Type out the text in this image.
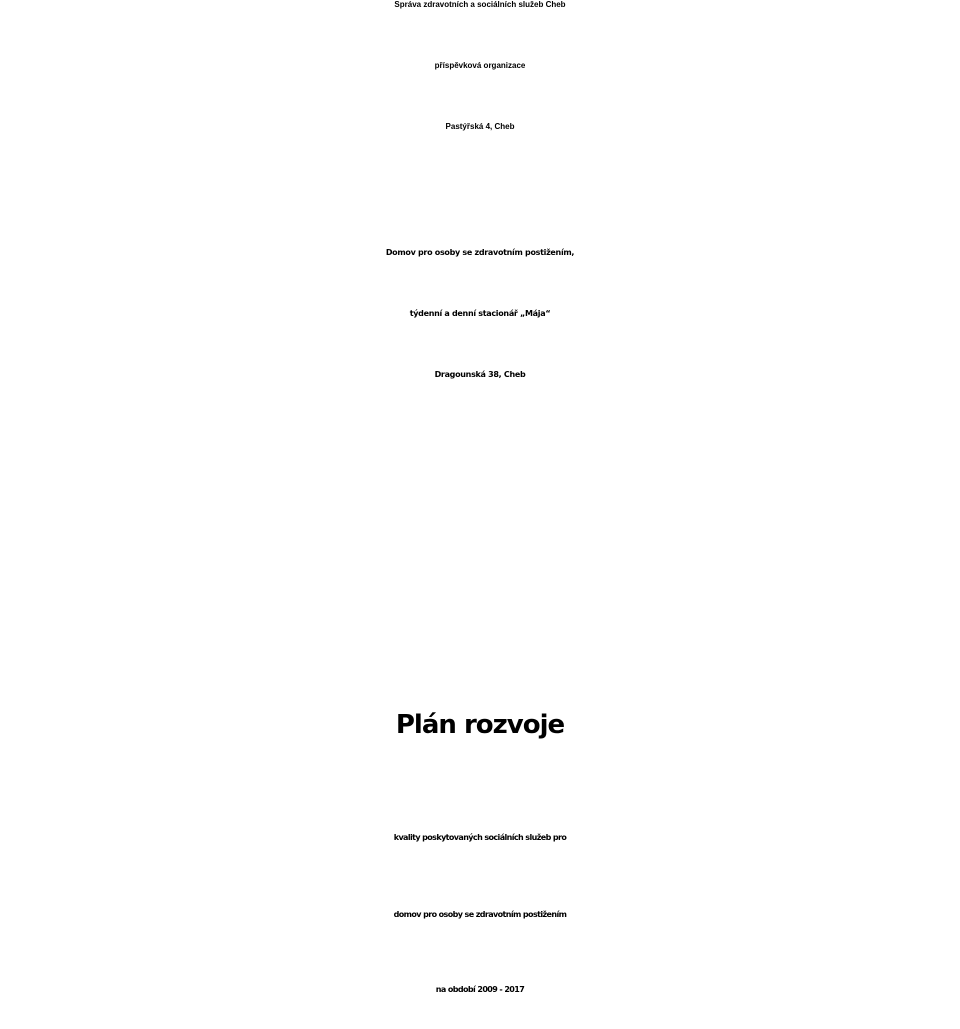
Správa zdravotních a sociálních služeb Cheb
příspěvková organizace
Pastýřská 4, Cheb
Domov pro osoby se zdravotním postižením,
týdenní a denní stacionář „Mája“
Dragounská 38, Cheb
Plán rozvoje
kvality poskytovaných sociálních služeb pro
domov pro osoby se zdravotním postižením
na období 2009 - 2017
